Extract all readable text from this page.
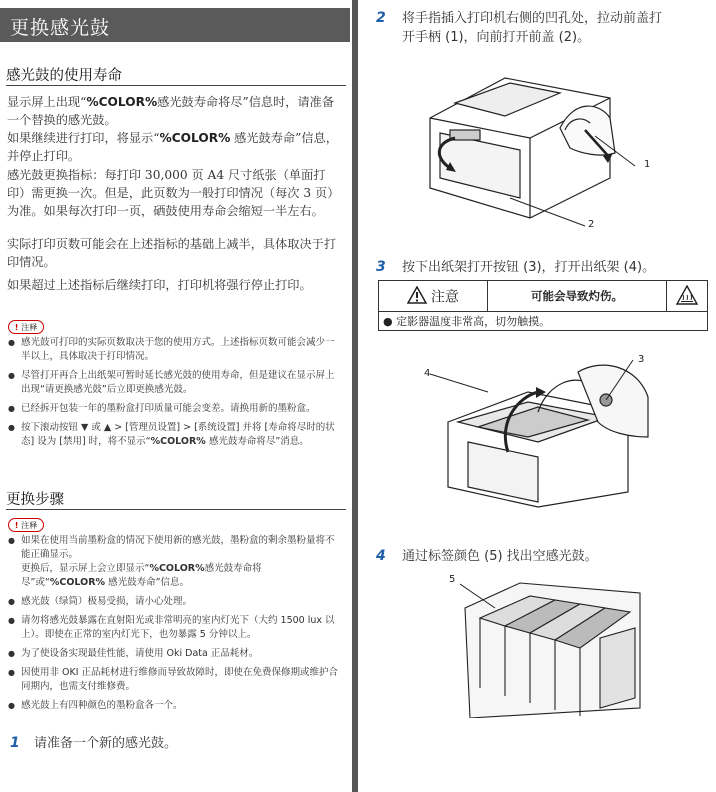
更换感光鼓
感光鼓的使用寿命
显示屏上出现“%COLOR%感光鼓寿命将尽”信息时，请准备一个替换的感光鼓。
如果继续进行打印，将显示“%COLOR% 感光鼓寿命”信息，并停止打印。
感光鼓更换指标：每打印 30,000 页 A4 尺寸纸张（单面打印）需更换一次。但是，此页数为一般打印情况（每次 3 页）为准。如果每次打印一页，硒鼓使用寿命会缩短一半左右。
实际打印页数可能会在上述指标的基础上减半，具体取决于打印情况。
如果超过上述指标后继续打印，打印机将强行停止打印。
! 注释
● 感光鼓可打印的实际页数取决于您的使用方式。上述指标页数可能会减少一半以上，具体取决于打印情况。
● 尽管打开再合上出纸架可暂时延长感光鼓的使用寿命，但是建议在显示屏上出现“请更换感光鼓”后立即更换感光鼓。
● 已经拆开包装一年的墨粉盒打印质量可能会变差。请换用新的墨粉盒。
● 按下滚动按钮 ▼ 或 ▲ > [管理员设置] > [系统设置] 并将 [寿命将尽时的状态] 设为 [禁用] 时，将不显示“%COLOR% 感光鼓寿命将尽”消息。
更换步骤
! 注释
● 如果在使用当前墨粉盒的情况下使用新的感光鼓，墨粉盒的剩余墨粉量将不能正确显示。
更换后，显示屏上会立即显示“%COLOR%感光鼓寿命将尽”或“%COLOR% 感光鼓寿命”信息。
● 感光鼓（绿筒）极易受损，请小心处理。
● 请勿将感光鼓暴露在直射阳光或非常明亮的室内灯光下（大约 1500 lux 以上）。即使在正常的室内灯光下，也勿暴露 5 分钟以上。
● 为了使设备实现最佳性能，请使用 Oki Data 正品耗材。
● 因使用非 OKI 正品耗材进行维修而导致故障时，即使在免费保修期或维护合同期内，也需支付维修费。
● 感光鼓上有四种颜色的墨粉盒各一个。
1 请准备一个新的感光鼓。
2 将手指插入打印机右侧的凹孔处，拉动前盖打
开手柄 (1)，向前打开前盖 (2)。
1
2
3 按下出纸架打开按钮 (3)，打开出纸架 (4)。
注意	可能会导致灼伤。	
● 定影器温度非常高，切勿触摸。
4
3
4 通过标签颜色 (5) 找出空感光鼓。
5
